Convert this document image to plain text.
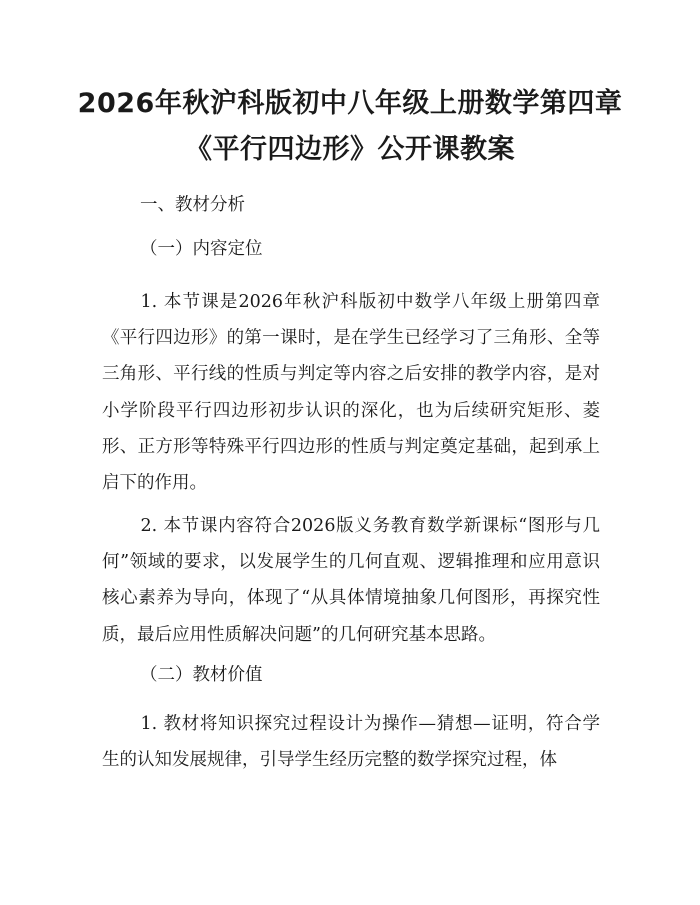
2026年秋沪科版初中八年级上册数学第四章
《平行四边形》公开课教案
一、教材分析
（一）内容定位
1. 本节课是2026年秋沪科版初中数学八年级上册第四章《平行四边形》的第一课时，是在学生已经学习了三角形、全等三角形、平行线的性质与判定等内容之后安排的教学内容，是对小学阶段平行四边形初步认识的深化，也为后续研究矩形、菱形、正方形等特殊平行四边形的性质与判定奠定基础，起到承上启下的作用。
2. 本节课内容符合2026版义务教育数学新课标“图形与几何”领域的要求，以发展学生的几何直观、逻辑推理和应用意识核心素养为导向，体现了“从具体情境抽象几何图形，再探究性质，最后应用性质解决问题”的几何研究基本思路。
（二）教材价值
1. 教材将知识探究过程设计为操作—猜想—证明，符合学生的认知发展规律，引导学生经历完整的数学探究过程，体
